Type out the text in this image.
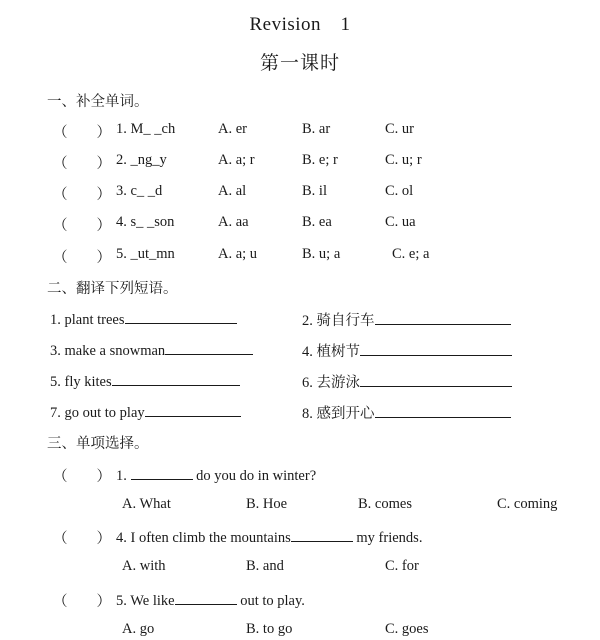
Revision　1
第一课时
一、补全单词。
（　　） 1. M_ _ch	A. er	B. ar	C. ur
（　　） 2. _ng_y	A. a; r	B. e; r	C. u; r
（　　） 3. c_ _d	A. al	B. il	C. ol
（　　） 4. s_ _son	A. aa	B. ea	C. ua
（　　） 5. _ut_mn	A. a; u	B. u; a	C. e; a
二、翻译下列短语。
1. plant trees	2. 骑自行车
3. make a snowman	4. 植树节
5. fly kites	6. 去游泳
7. go out to play	8. 感到开心
三、单项选择。
（　　） 1.	do you do in winter?
A. What	B. Hoe	B. comes	C. coming
（　　） 4. I often climb the mountains	my friends.
A. with	B. and	C. for
（　　） 5. We like	out to play.
A. go	B. to go	C. goes
